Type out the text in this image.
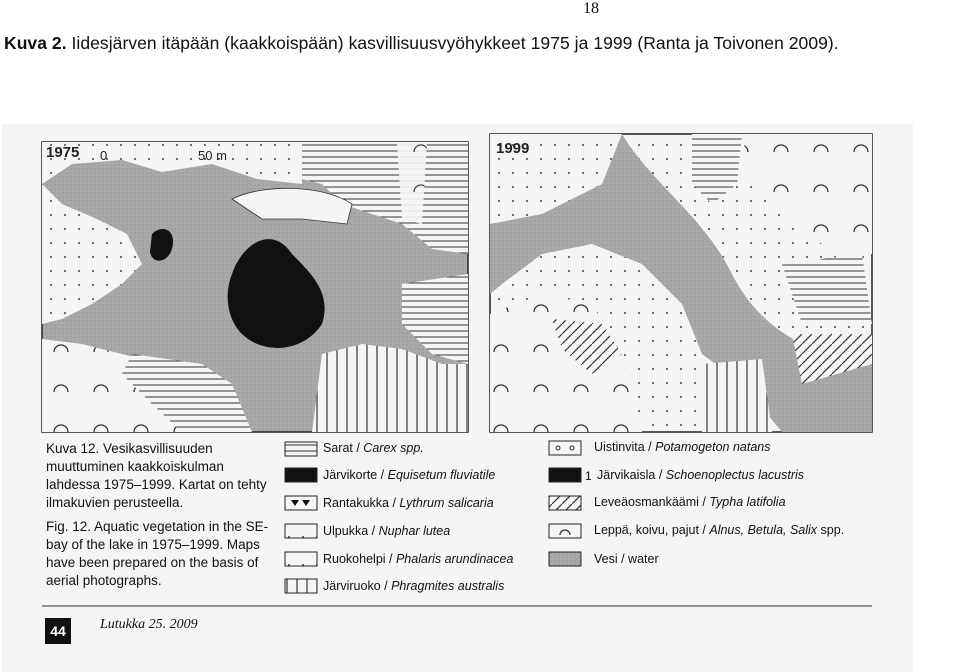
18
Kuva 2. Iidesjärven itäpään (kaakkoispään) kasvillisuusvyöhykkeet 1975 ja 1999 (Ranta ja Toivonen 2009).
1975	1999
0	50 m
Kuva 12. Vesikasvillisuuden muuttuminen kaakkoiskulman lahdessa 1975–1999. Kartat on tehty ilmakuvien perusteella.
Fig. 12. Aquatic vegetation in the SE-bay of the lake in 1975–1999. Maps have been prepared on the basis of aerial photographs.
Sarat / Carex spp.
Järvikorte / Equisetum fluviatile
Rantakukka / Lythrum salicaria
Ulpukka / Nuphar lutea
Ruokohelpi / Phalaris arundinacea
Järviruoko / Phragmites australis
Uistinvita / Potamogeton natans
1 Järvikaisla / Schoenoplectus lacustris
Leveäosmankäämi / Typha latifolia
Leppä, koivu, pajut / Alnus, Betula, Salix spp.
Vesi / water
44	Lutukka 25. 2009
